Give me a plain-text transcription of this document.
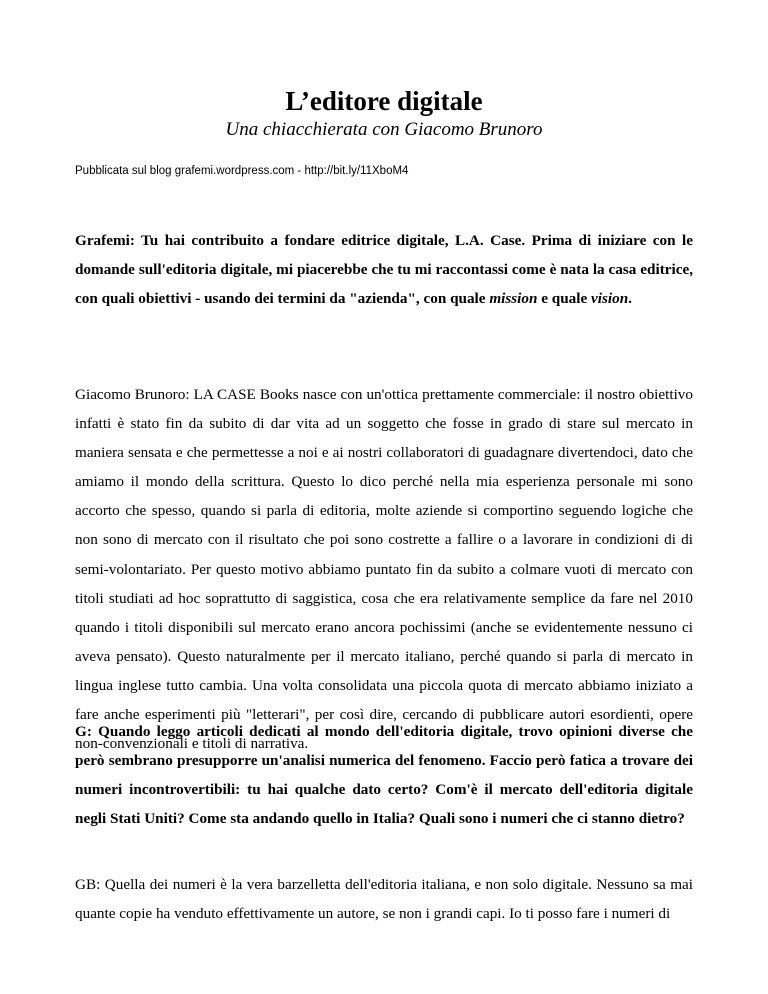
L’editore digitale
Una chiacchierata con Giacomo Brunoro
Pubblicata sul blog grafemi.wordpress.com - http://bit.ly/11XboM4
Grafemi: Tu hai contribuito a fondare editrice digitale, L.A. Case. Prima di iniziare con le domande sull'editoria digitale, mi piacerebbe che tu mi raccontassi come è nata la casa editrice, con quali obiettivi - usando dei termini da "azienda", con quale mission e quale vision.
Giacomo Brunoro: LA CASE Books nasce con un'ottica prettamente commerciale: il nostro obiettivo infatti è stato fin da subito di dar vita ad un soggetto che fosse in grado di stare sul mercato in maniera sensata e che permettesse a noi e ai nostri collaboratori di guadagnare divertendoci, dato che amiamo il mondo della scrittura. Questo lo dico perché nella mia esperienza personale mi sono accorto che spesso, quando si parla di editoria, molte aziende si comportino seguendo logiche che non sono di mercato con il risultato che poi sono costrette a fallire o a lavorare in condizioni di di semi-volontariato. Per questo motivo abbiamo puntato fin da subito a colmare vuoti di mercato con titoli studiati ad hoc soprattutto di saggistica, cosa che era relativamente semplice da fare nel 2010 quando i titoli disponibili sul mercato erano ancora pochissimi (anche se evidentemente nessuno ci aveva pensato). Questo naturalmente per il mercato italiano, perché quando si parla di mercato in lingua inglese tutto cambia. Una volta consolidata una piccola quota di mercato abbiamo iniziato a fare anche esperimenti più "letterari", per così dire, cercando di pubblicare autori esordienti, opere non-convenzionali e titoli di narrativa.
G: Quando leggo articoli dedicati al mondo dell'editoria digitale, trovo opinioni diverse che però sembrano presupporre un'analisi numerica del fenomeno. Faccio però fatica a trovare dei numeri incontrovertibili: tu hai qualche dato certo? Com'è il mercato dell'editoria digitale negli Stati Uniti? Come sta andando quello in Italia? Quali sono i numeri che ci stanno dietro?
GB: Quella dei numeri è la vera barzelletta dell'editoria italiana, e non solo digitale. Nessuno sa mai quante copie ha venduto effettivamente un autore, se non i grandi capi. Io ti posso fare i numeri di
